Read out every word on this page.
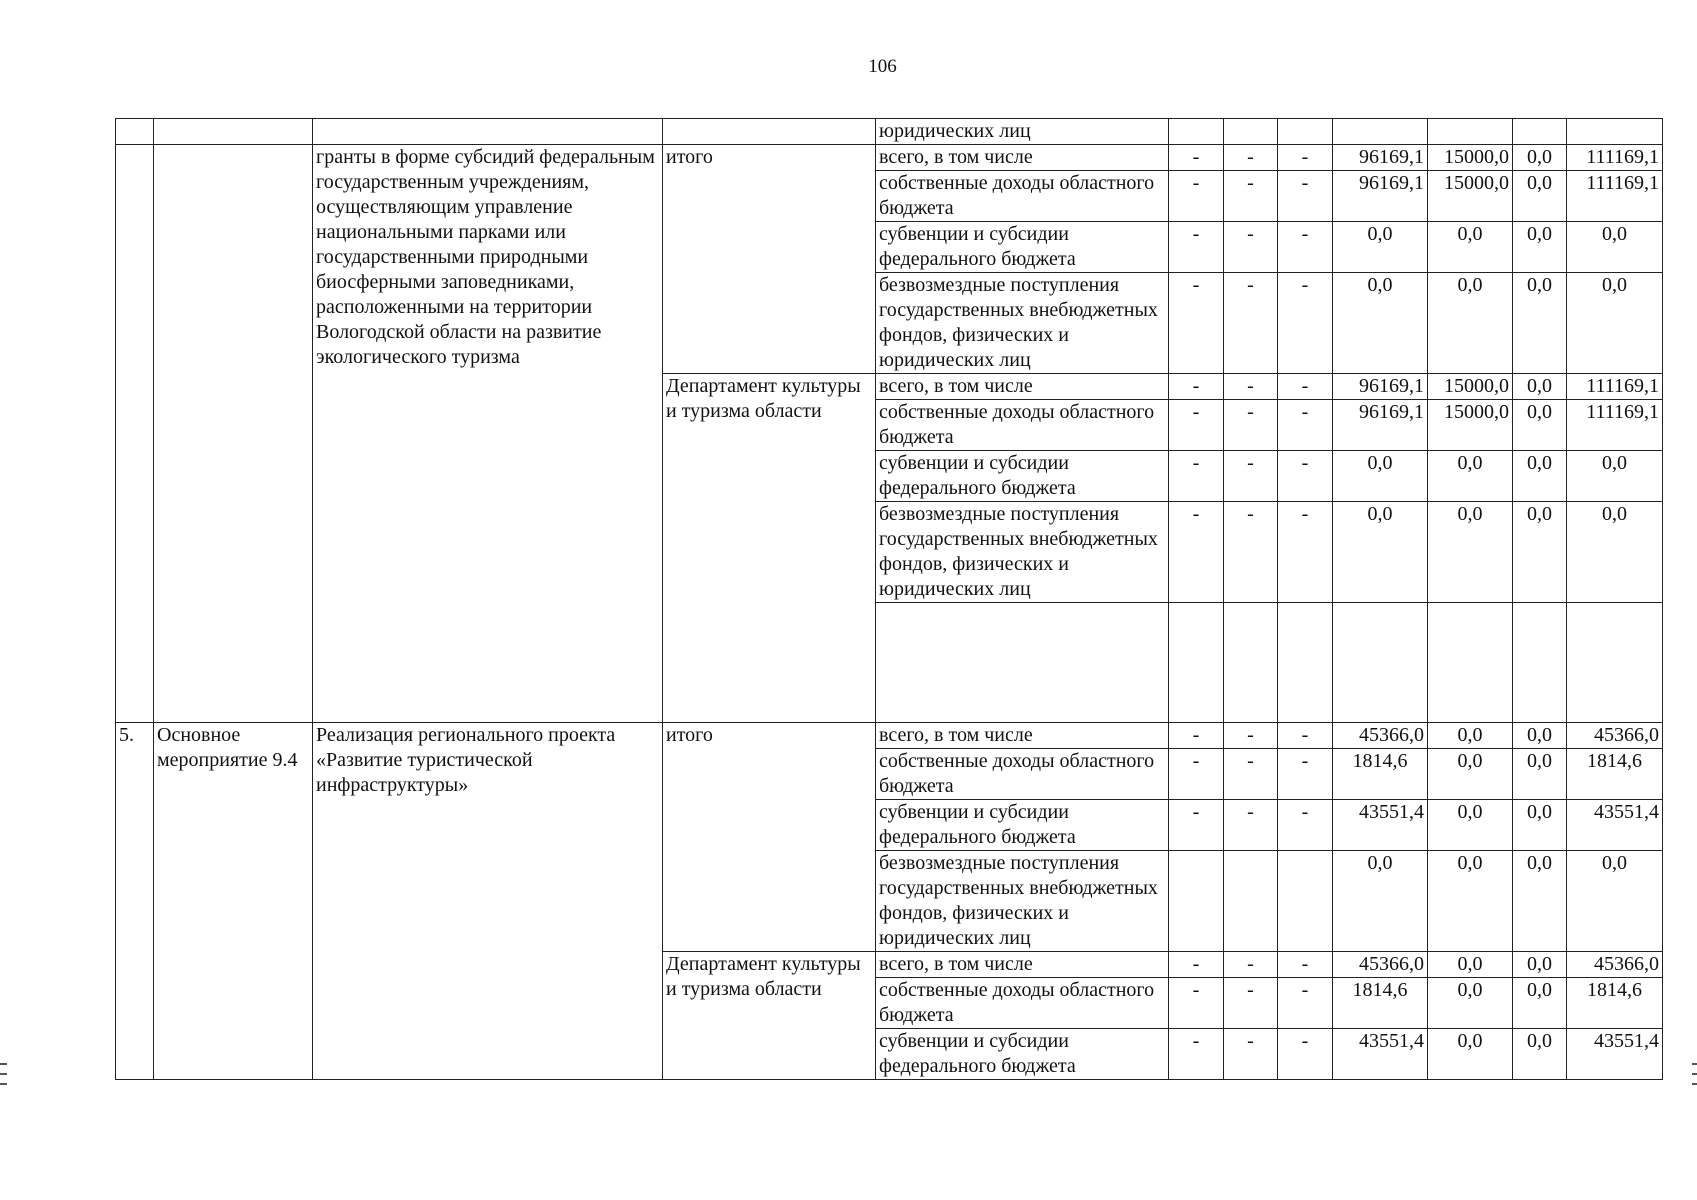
106
				юридических лиц							
		гранты в форме субсидий федеральным государственным учреждениям, осуществляющим управление национальными парками или государственными природными биосферными заповедниками, расположенными на территории Вологодской области на развитие экологического туризма	итого	всего, в том числе	-	-	-	96169,1	15000,0	0,0	111169,1
				собственные доходы областного бюджета	-	-	-	96169,1	15000,0	0,0	111169,1
				субвенции и субсидии федерального бюджета	-	-	-	0,0	0,0	0,0	0,0
				безвозмездные поступления государственных внебюджетных фондов, физических и юридических лиц	-	-	-	0,0	0,0	0,0	0,0
			Департамент культуры и туризма области	всего, в том числе	-	-	-	96169,1	15000,0	0,0	111169,1
				собственные доходы областного бюджета	-	-	-	96169,1	15000,0	0,0	111169,1
				субвенции и субсидии федерального бюджета	-	-	-	0,0	0,0	0,0	0,0
				безвозмездные поступления государственных внебюджетных фондов, физических и юридических лиц	-	-	-	0,0	0,0	0,0	0,0

5.	Основное мероприятие 9.4	Реализация регионального проекта «Развитие туристической инфраструктуры»	итого	всего, в том числе	-	-	-	45366,0	0,0	0,0	45366,0
				собственные доходы областного бюджета	-	-	-	1814,6	0,0	0,0	1814,6
				субвенции и субсидии федерального бюджета	-	-	-	43551,4	0,0	0,0	43551,4
				безвозмездные поступления государственных внебюджетных фондов, физических и юридических лиц				0,0	0,0	0,0	0,0
			Департамент культуры и туризма области	всего, в том числе	-	-	-	45366,0	0,0	0,0	45366,0
				собственные доходы областного бюджета	-	-	-	1814,6	0,0	0,0	1814,6
				субвенции и субсидии федерального бюджета	-	-	-	43551,4	0,0	0,0	43551,4
